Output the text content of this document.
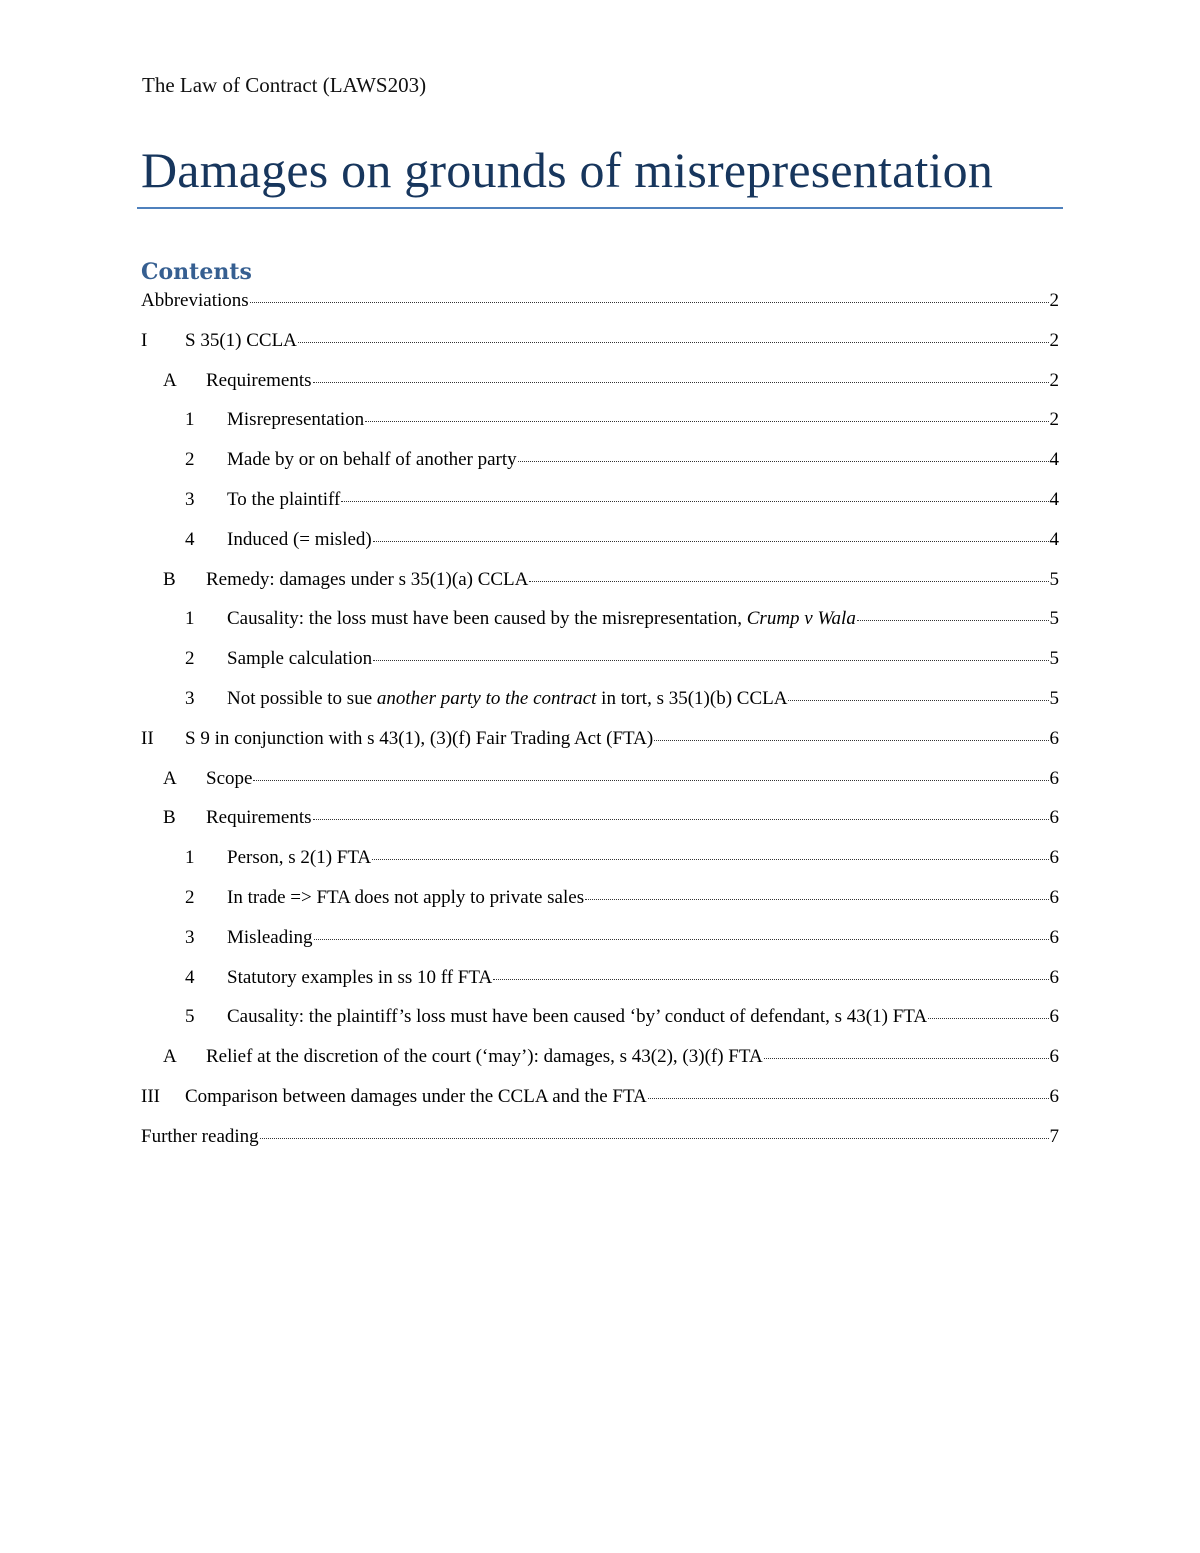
The Law of Contract (LAWS203)
Damages on grounds of misrepresentation
Contents
Abbreviations	2
I	S 35(1) CCLA	2
A	Requirements	2
1	Misrepresentation	2
2	Made by or on behalf of another party	4
3	To the plaintiff	4
4	Induced (= misled)	4
B	Remedy: damages under s 35(1)(a) CCLA	5
1	Causality: the loss must have been caused by the misrepresentation, Crump v Wala	5
2	Sample calculation	5
3	Not possible to sue another party to the contract in tort, s 35(1)(b) CCLA	5
II	S 9 in conjunction with s 43(1), (3)(f) Fair Trading Act (FTA)	6
A	Scope	6
B	Requirements	6
1	Person, s 2(1) FTA	6
2	In trade => FTA does not apply to private sales	6
3	Misleading	6
4	Statutory examples in ss 10 ff FTA	6
5	Causality: the plaintiff’s loss must have been caused ‘by’ conduct of defendant, s 43(1) FTA	6
A	Relief at the discretion of the court (‘may’): damages, s 43(2), (3)(f) FTA	6
III	Comparison between damages under the CCLA and the FTA	6
Further reading	7
